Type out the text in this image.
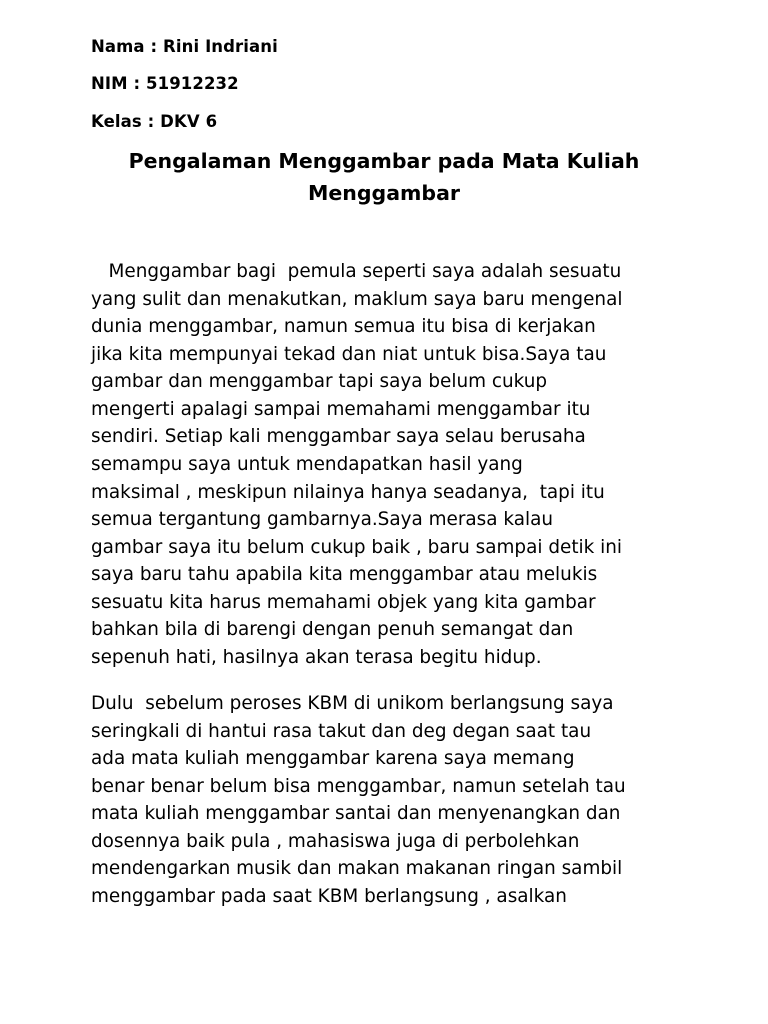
Nama : Rini Indriani
NIM : 51912232
Kelas : DKV 6
Pengalaman Menggambar pada Mata Kuliah
Menggambar
Menggambar bagi  pemula seperti saya adalah sesuatu
yang sulit dan menakutkan, maklum saya baru mengenal
dunia menggambar, namun semua itu bisa di kerjakan
jika kita mempunyai tekad dan niat untuk bisa.Saya tau
gambar dan menggambar tapi saya belum cukup
mengerti apalagi sampai memahami menggambar itu
sendiri. Setiap kali menggambar saya selau berusaha
semampu saya untuk mendapatkan hasil yang
maksimal , meskipun nilainya hanya seadanya,  tapi itu
semua tergantung gambarnya.Saya merasa kalau
gambar saya itu belum cukup baik , baru sampai detik ini
saya baru tahu apabila kita menggambar atau melukis
sesuatu kita harus memahami objek yang kita gambar
bahkan bila di barengi dengan penuh semangat dan
sepenuh hati, hasilnya akan terasa begitu hidup.
Dulu  sebelum peroses KBM di unikom berlangsung saya
seringkali di hantui rasa takut dan deg degan saat tau
ada mata kuliah menggambar karena saya memang
benar benar belum bisa menggambar, namun setelah tau
mata kuliah menggambar santai dan menyenangkan dan
dosennya baik pula , mahasiswa juga di perbolehkan
mendengarkan musik dan makan makanan ringan sambil
menggambar pada saat KBM berlangsung , asalkan
